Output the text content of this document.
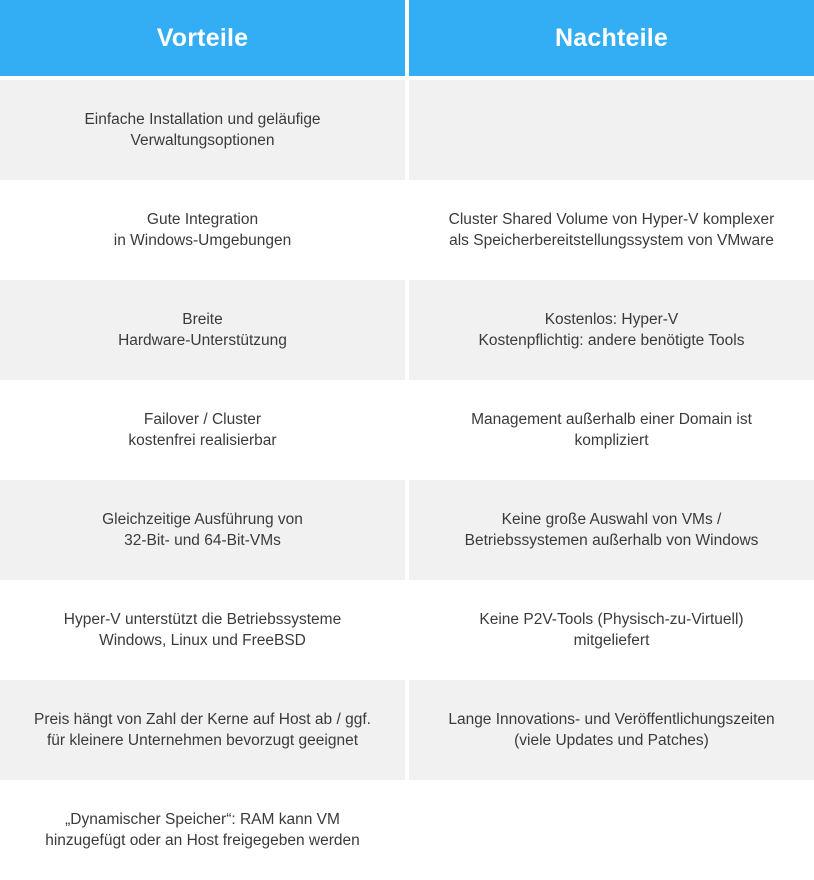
Vorteile	Nachteile
Einfache Installation und geläufige
Verwaltungsoptionen
Gute Integration
in Windows-Umgebungen
Cluster Shared Volume von Hyper-V komplexer
als Speicherbereitstellungssystem von VMware
Breite
Hardware-Unterstützung
Kostenlos: Hyper-V
Kostenpflichtig: andere benötigte Tools
Failover / Cluster
kostenfrei realisierbar
Management außerhalb einer Domain ist
kompliziert
Gleichzeitige Ausführung von
32-Bit- und 64-Bit-VMs
Keine große Auswahl von VMs /
Betriebssystemen außerhalb von Windows
Hyper-V unterstützt die Betriebssysteme
Windows, Linux und FreeBSD
Keine P2V-Tools (Physisch-zu-Virtuell)
mitgeliefert
Preis hängt von Zahl der Kerne auf Host ab / ggf.
für kleinere Unternehmen bevorzugt geeignet
Lange Innovations- und Veröffentlichungszeiten
(viele Updates und Patches)
„Dynamischer Speicher“: RAM kann VM
hinzugefügt oder an Host freigegeben werden
